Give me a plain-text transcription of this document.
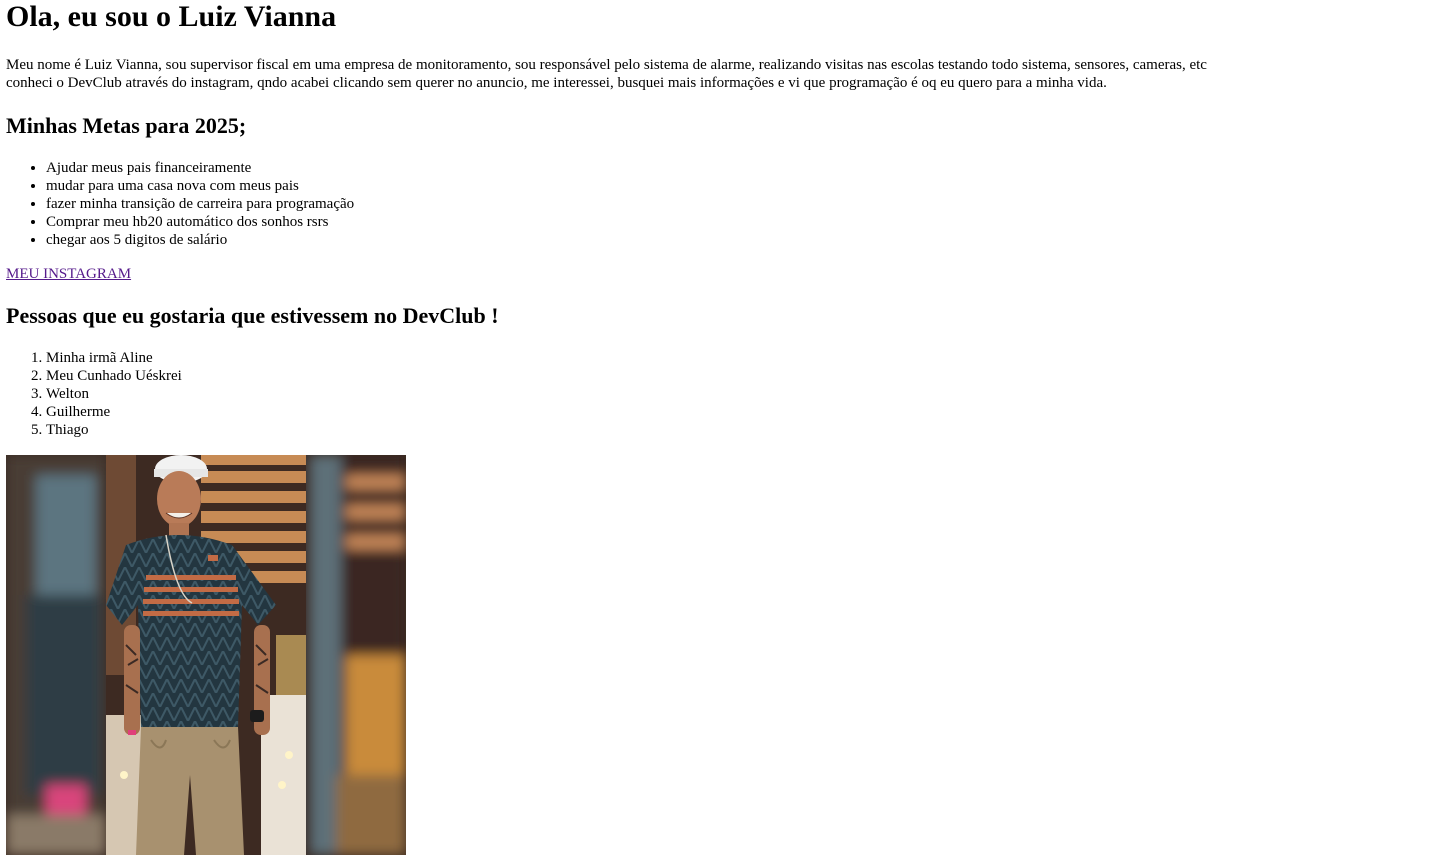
Ola, eu sou o Luiz Vianna

Meu nome é Luiz Vianna, sou supervisor fiscal em uma empresa de monitoramento, sou responsável pelo sistema de alarme, realizando visitas nas escolas testando todo sistema, sensores, cameras, etc
conheci o DevClub através do instagram, qndo acabei clicando sem querer no anuncio, me interessei, busquei mais informações e vi que programação é oq eu quero para a minha vida.

Minhas Metas para 2025;
• Ajudar meus pais financeiramente
• mudar para uma casa nova com meus pais
• fazer minha transição de carreira para programação
• Comprar meu hb20 automático dos sonhos rsrs
• chegar aos 5 digitos de salário
MEU INSTAGRAM
Pessoas que eu gostaria que estivessem no DevClub !
1. Minha irmã Aline
2. Meu Cunhado Uéskrei
3. Welton
4. Guilherme
5. Thiago
